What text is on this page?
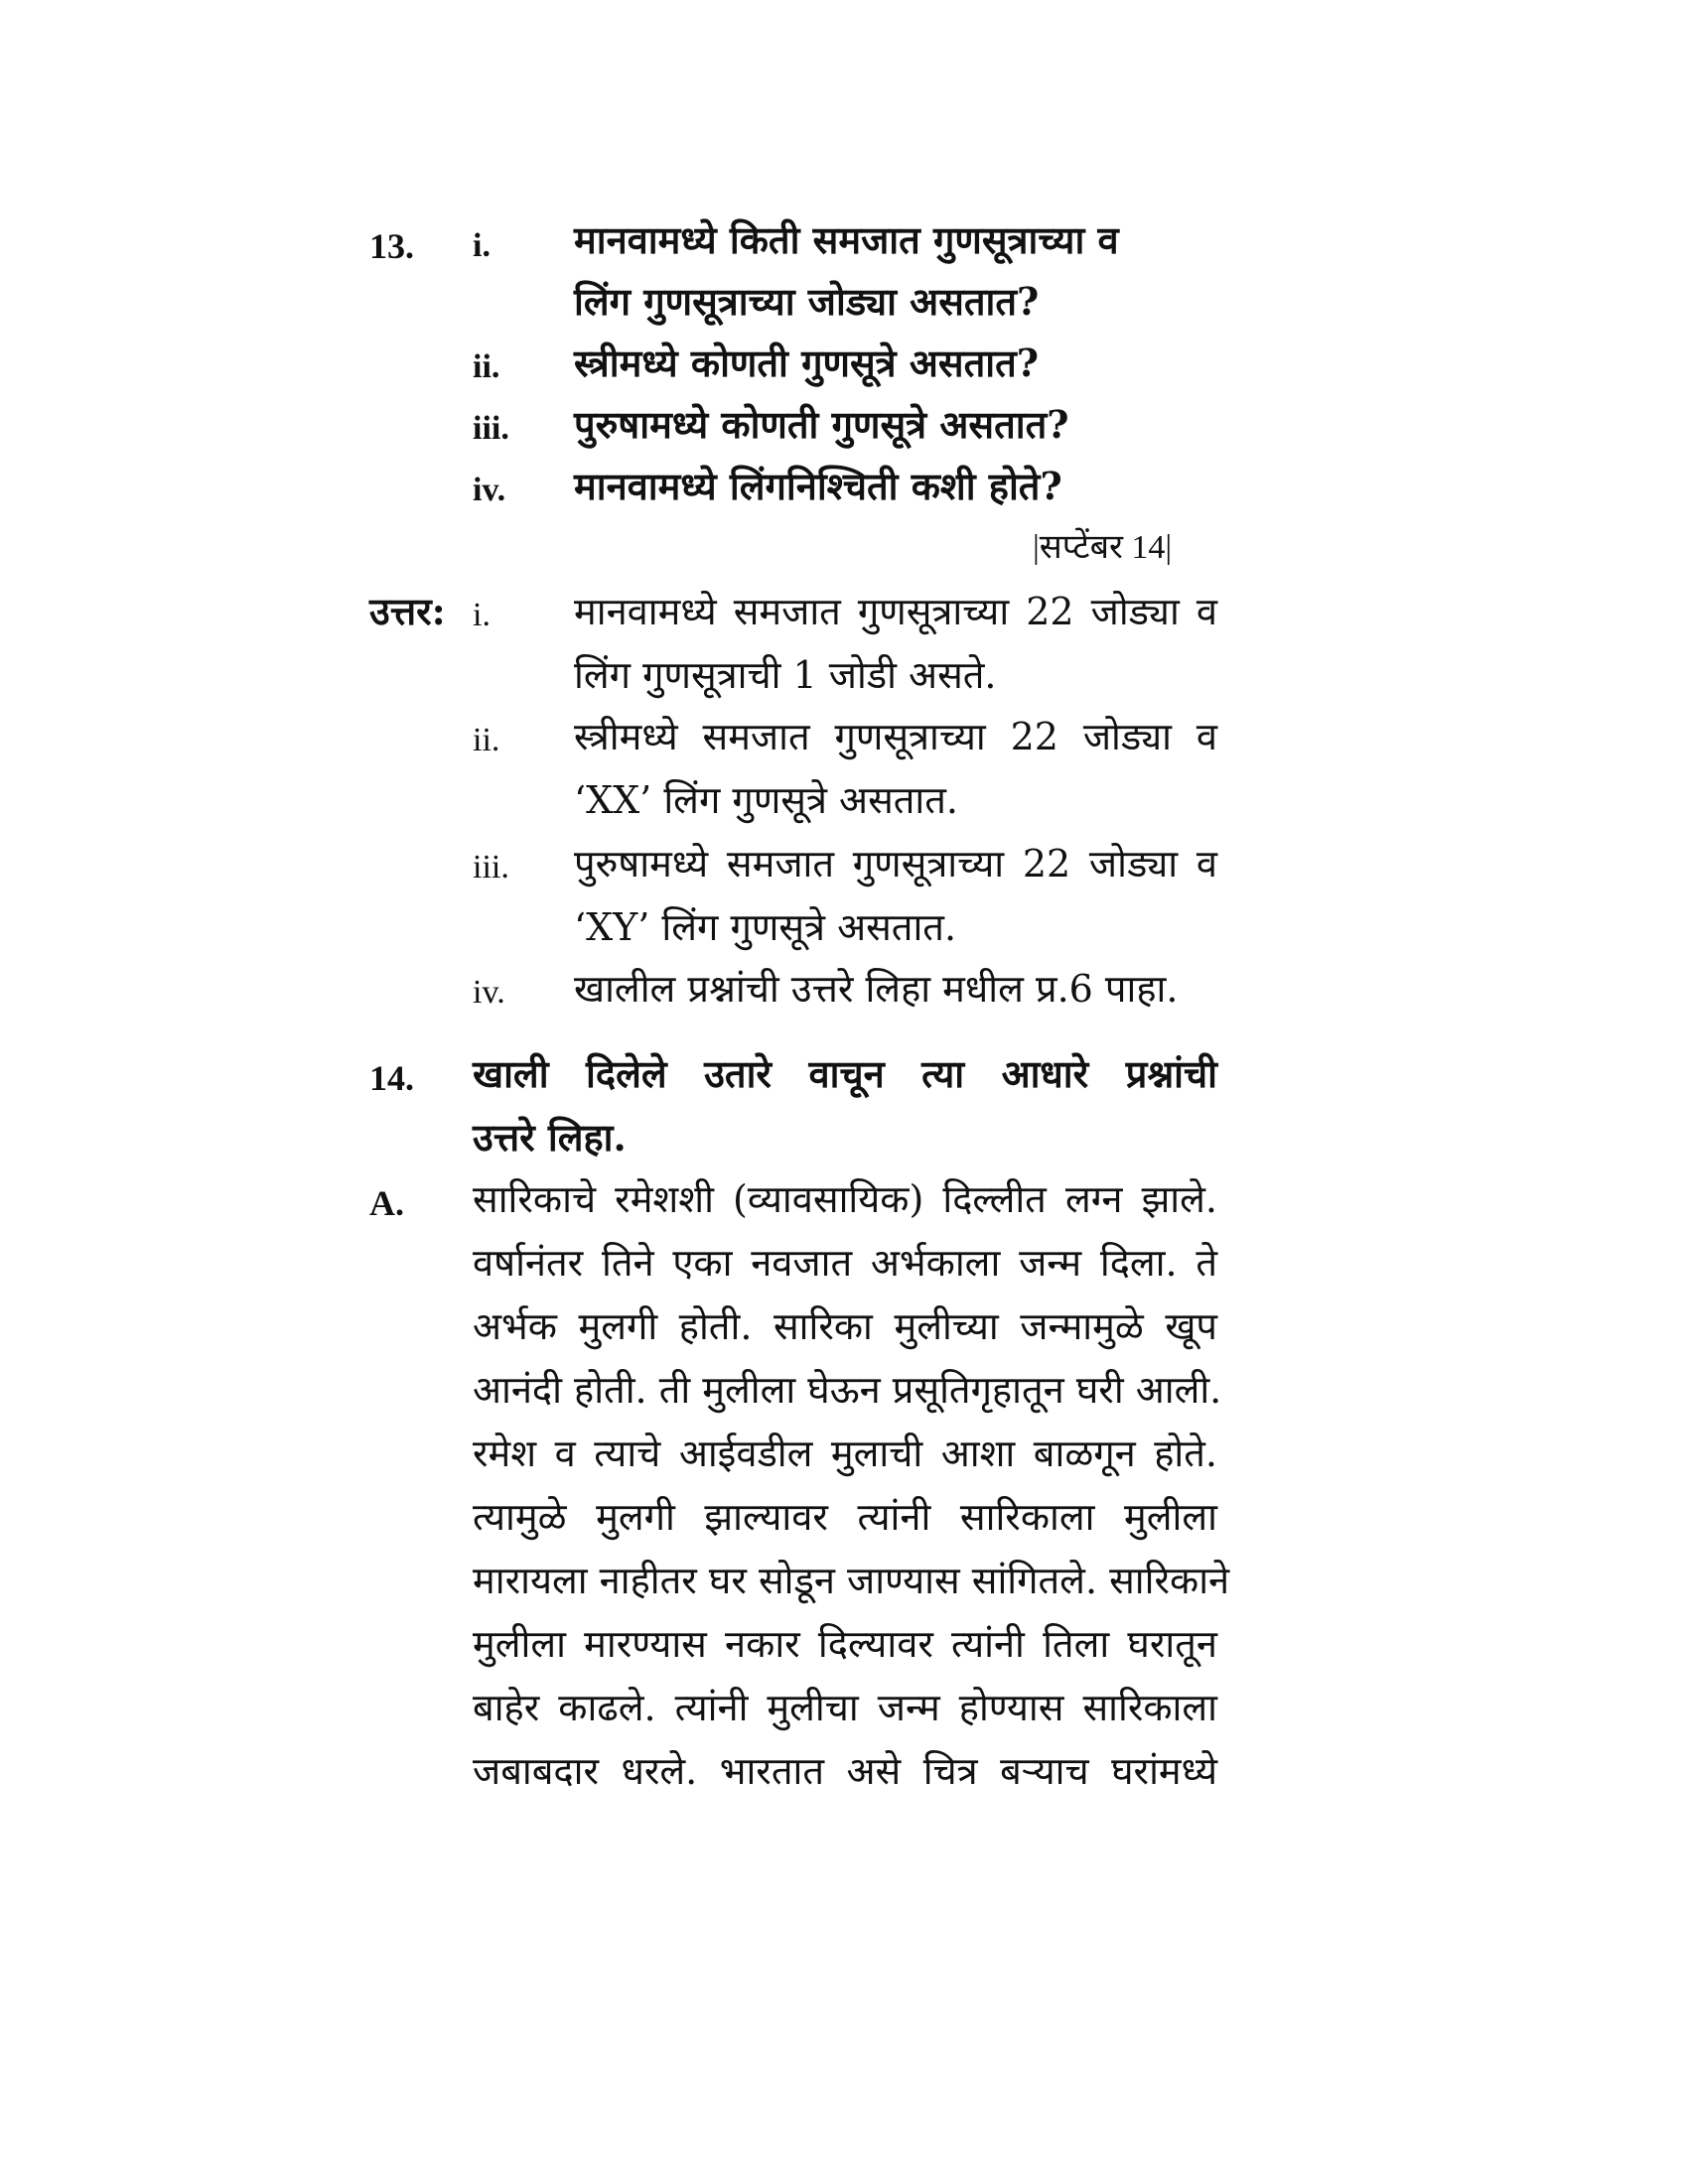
13. i. मानवामध्ये किती समजात गुणसूत्राच्या व
लिंग गुणसूत्राच्या जोड्या असतात?
ii. स्त्रीमध्ये कोणती गुणसूत्रे असतात?
iii. पुरुषामध्ये कोणती गुणसूत्रे असतात?
iv. मानवामध्ये लिंगनिश्चिती कशी होते?
|सप्टेंबर 14|
उत्तर: i. मानवामध्ये समजात गुणसूत्राच्या 22 जोड्या व
लिंग गुणसूत्राची 1 जोडी असते.
ii. स्त्रीमध्ये समजात गुणसूत्राच्या 22 जोड्या व
‘XX’ लिंग गुणसूत्रे असतात.
iii. पुरुषामध्ये समजात गुणसूत्राच्या 22 जोड्या व
‘XY’ लिंग गुणसूत्रे असतात.
iv. खालील प्रश्नांची उत्तरे लिहा मधील प्र.6 पाहा.
14. खाली दिलेले उतारे वाचून त्या आधारे प्रश्नांची
उत्तरे लिहा.
A. सारिकाचे रमेशशी (व्यावसायिक) दिल्लीत लग्न झाले.
वर्षानंतर तिने एका नवजात अर्भकाला जन्म दिला. ते
अर्भक मुलगी होती. सारिका मुलीच्या जन्मामुळे खूप
आनंदी होती. ती मुलीला घेऊन प्रसूतिगृहातून घरी आली.
रमेश व त्याचे आईवडील मुलाची आशा बाळगून होते.
त्यामुळे मुलगी झाल्यावर त्यांनी सारिकाला मुलीला
मारायला नाहीतर घर सोडून जाण्यास सांगितले. सारिकाने
मुलीला मारण्यास नकार दिल्यावर त्यांनी तिला घरातून
बाहेर काढले. त्यांनी मुलीचा जन्म होण्यास सारिकाला
जबाबदार धरले. भारतात असे चित्र बऱ्याच घरांमध्ये
